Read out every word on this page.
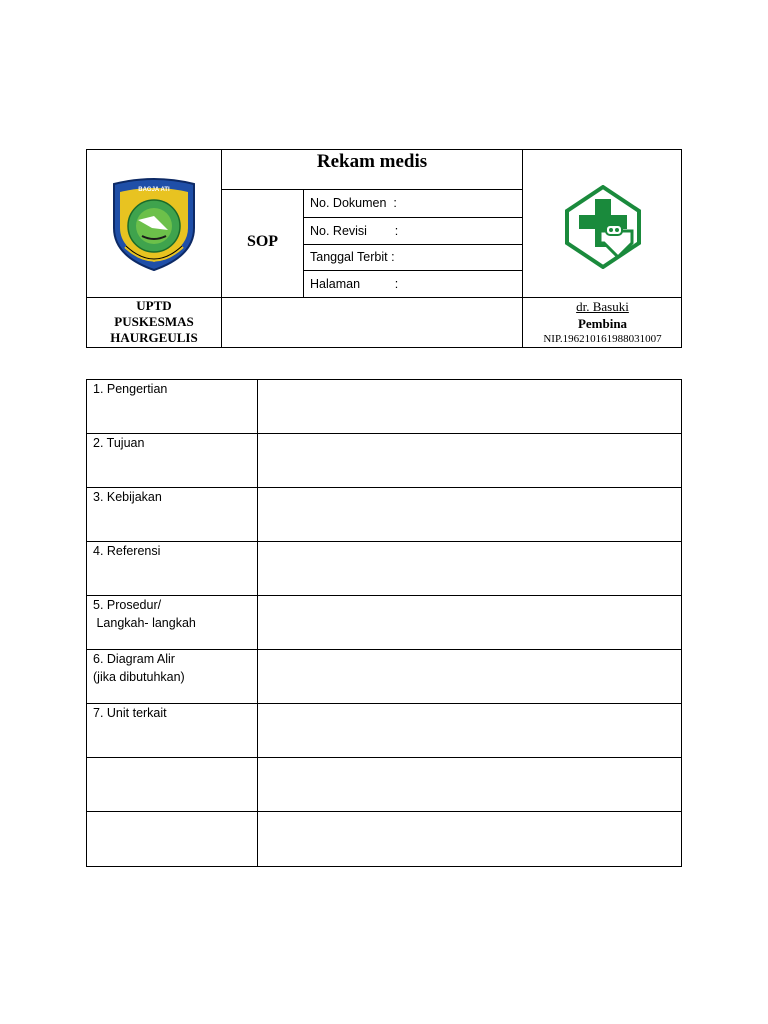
BAGJA ATI
Rekam medis
SOP
No. Dokumen  :
No. Revisi        :
Tanggal Terbit :
Halaman          :
UPTD
PUSKESMAS
HAURGEULIS
dr. Basuki
Pembina
NIP.196210161988031007
1. Pengertian
2. Tujuan
3. Kebijakan
4. Referensi
5. Prosedur/
Langkah- langkah
6. Diagram Alir
(jika dibutuhkan)
7. Unit terkait
